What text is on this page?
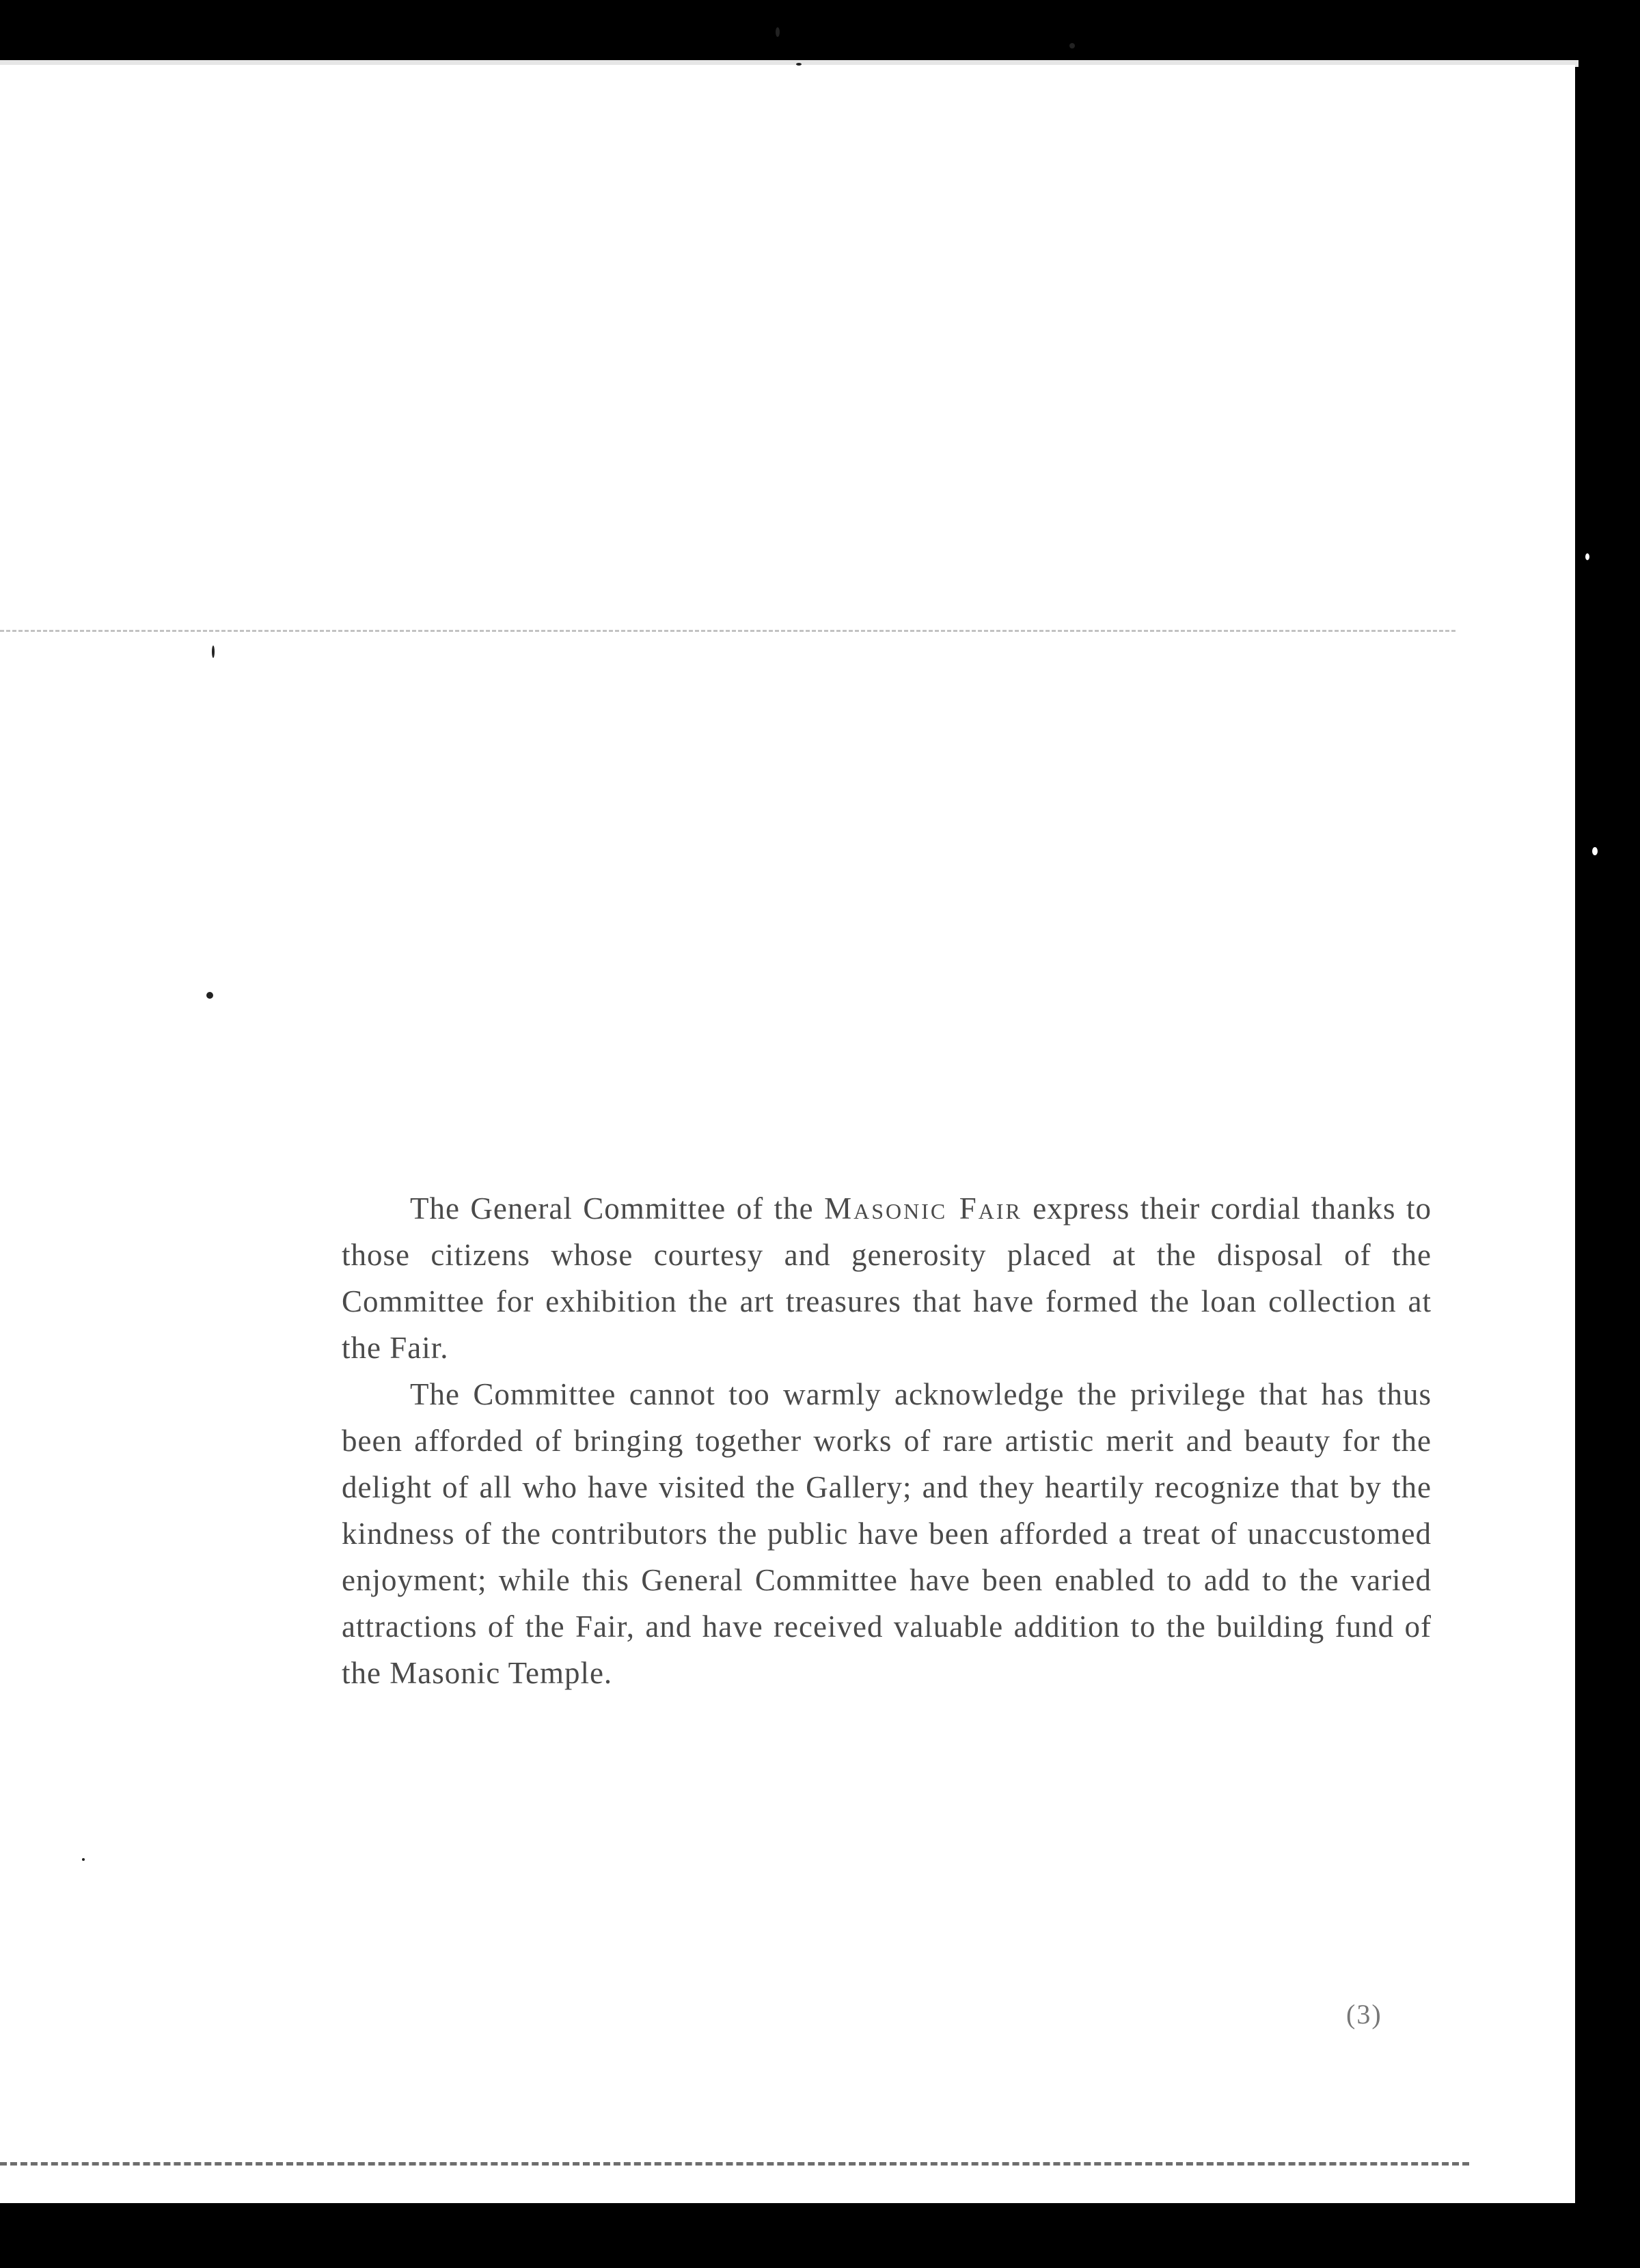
The General Committee of the Masonic Fair express their cordial thanks to those citizens whose courtesy and generosity placed at the disposal of the Committee for exhibition the art treasures that have formed the loan collection at the Fair.

The Committee cannot too warmly acknowledge the privilege that has thus been afforded of bringing together works of rare artistic merit and beauty for the delight of all who have visited the Gallery; and they heartily recognize that by the kindness of the contributors the public have been afforded a treat of unaccustomed enjoyment; while this General Committee have been enabled to add to the varied attractions of the Fair, and have received valuable addition to the building fund of the Masonic Temple.

(3)
